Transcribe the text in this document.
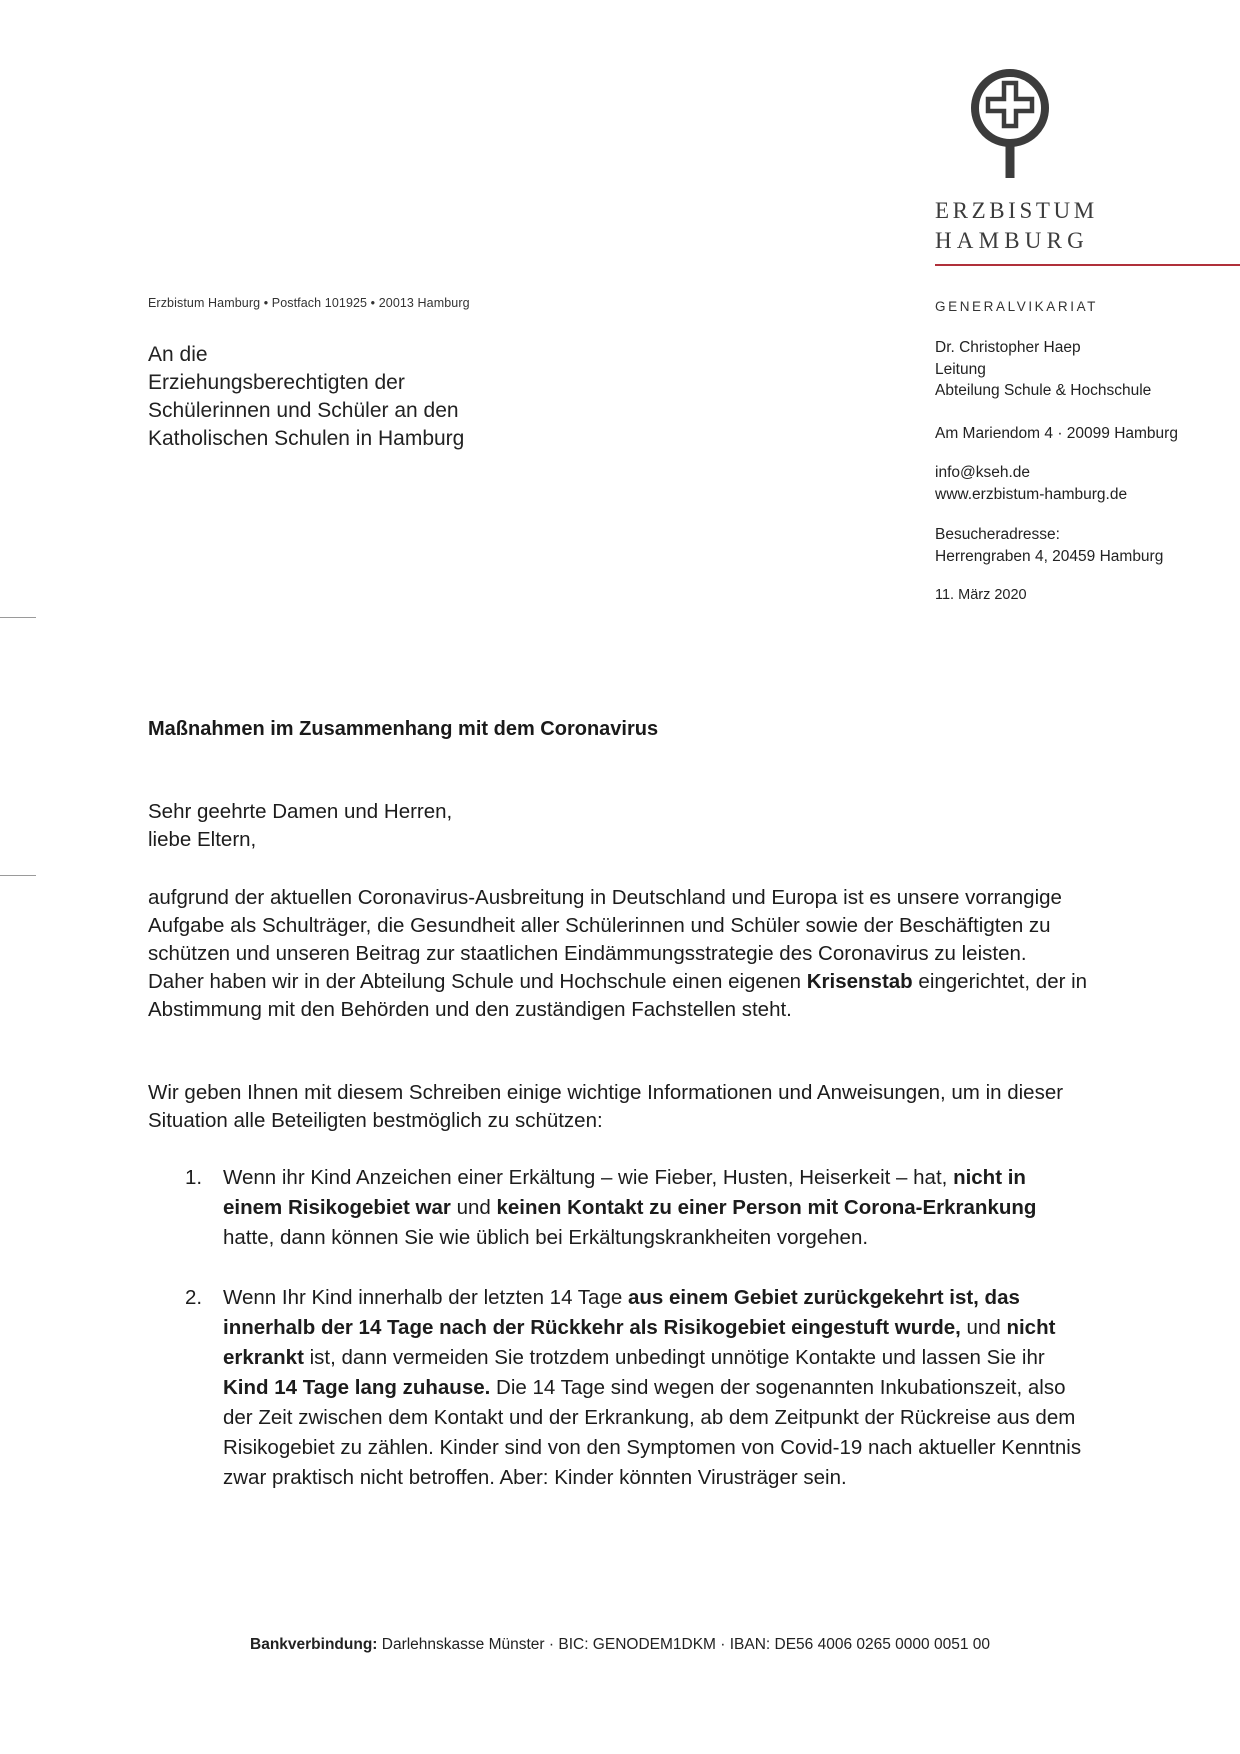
ERZBISTUM
HAMBURG
Erzbistum Hamburg • Postfach 101925 • 20013 Hamburg
An die
Erziehungsberechtigten der
Schülerinnen und Schüler an den
Katholischen Schulen in Hamburg
GENERALVIKARIAT
Dr. Christopher Haep
Leitung
Abteilung Schule & Hochschule
Am Mariendom 4 · 20099 Hamburg
info@kseh.de
www.erzbistum-hamburg.de
Besucheradresse:
Herrengraben 4, 20459 Hamburg
11. März 2020
Maßnahmen im Zusammenhang mit dem Coronavirus
Sehr geehrte Damen und Herren,
liebe Eltern,
aufgrund der aktuellen Coronavirus-Ausbreitung in Deutschland und Europa ist es unsere vorrangige Aufgabe als Schulträger, die Gesundheit aller Schülerinnen und Schüler sowie der Beschäftigten zu schützen und unseren Beitrag zur staatlichen Eindämmungsstrategie des Coronavirus zu leisten. Daher haben wir in der Abteilung Schule und Hochschule einen eigenen Krisenstab eingerichtet, der in Abstimmung mit den Behörden und den zuständigen Fachstellen steht.
Wir geben Ihnen mit diesem Schreiben einige wichtige Informationen und Anweisungen, um in dieser Situation alle Beteiligten bestmöglich zu schützen:
1. Wenn ihr Kind Anzeichen einer Erkältung – wie Fieber, Husten, Heiserkeit – hat, nicht in einem Risikogebiet war und keinen Kontakt zu einer Person mit Corona-Erkrankung hatte, dann können Sie wie üblich bei Erkältungskrankheiten vorgehen.
2. Wenn Ihr Kind innerhalb der letzten 14 Tage aus einem Gebiet zurückgekehrt ist, das innerhalb der 14 Tage nach der Rückkehr als Risikogebiet eingestuft wurde, und nicht erkrankt ist, dann vermeiden Sie trotzdem unbedingt unnötige Kontakte und lassen Sie ihr Kind 14 Tage lang zuhause. Die 14 Tage sind wegen der sogenannten Inkubationszeit, also der Zeit zwischen dem Kontakt und der Erkrankung, ab dem Zeitpunkt der Rückreise aus dem Risikogebiet zu zählen. Kinder sind von den Symptomen von Covid-19 nach aktueller Kenntnis zwar praktisch nicht betroffen. Aber: Kinder könnten Virusträger sein.
Bankverbindung: Darlehnskasse Münster · BIC: GENODEM1DKM · IBAN: DE56 4006 0265 0000 0051 00
